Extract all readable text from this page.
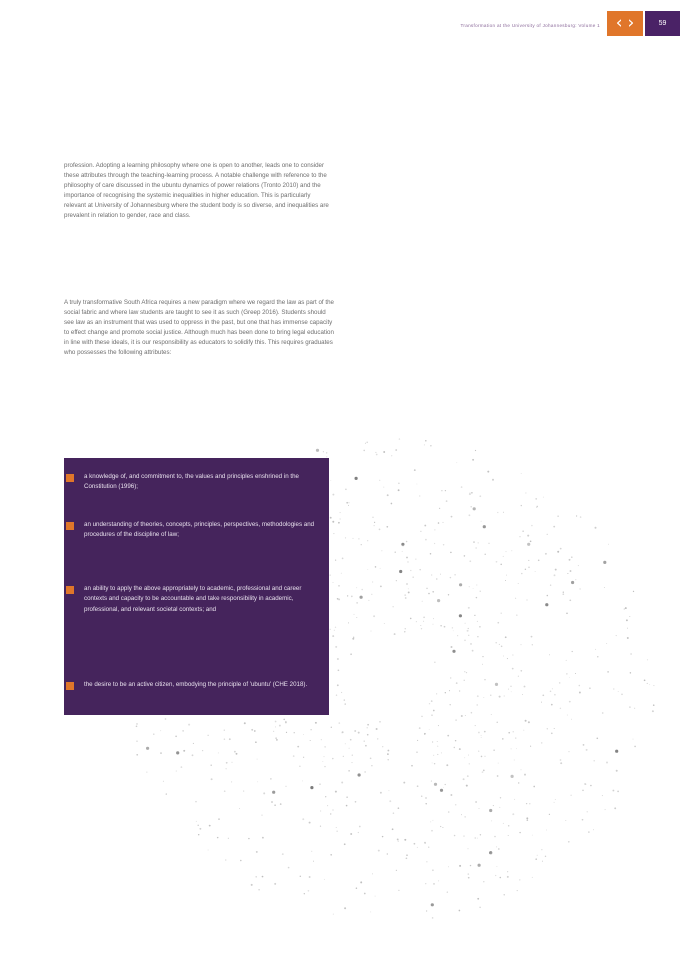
Transformation at the University of Johannesburg: Volume 1 ‹ ›	59

profession. Adopting a learning philosophy where one is open to another, leads one to consider these attributes through the teaching-learning process. A notable challenge with reference to the philosophy of care discussed in the ubuntu dynamics of power relations (Tronto 2010) and the importance of recognising the systemic inequalities in higher education. This is particularly relevant at University of Johannesburg where the student body is so diverse, and inequalities are prevalent in relation to gender, race and class.

A truly transformative South Africa requires a new paradigm where we regard the law as part of the social fabric and where law students are taught to see it as such (Greep 2016). Students should see law as an instrument that was used to oppress in the past, but one that has immense capacity to effect change and promote social justice. Although much has been done to bring legal education in line with these ideals, it is our responsibility as educators to solidify this. This requires graduates who possesses the following attributes:

a knowledge of, and commitment to, the values and principles enshrined in the Constitution (1996);

an understanding of theories, concepts, principles, perspectives, methodologies and procedures of the discipline of law;

an ability to apply the above appropriately to academic, professional and career contexts and capacity to be accountable and take responsibility in academic, professional, and relevant societal contexts; and

the desire to be an active citizen, embodying the principle of 'ubuntu' (CHE 2018).
